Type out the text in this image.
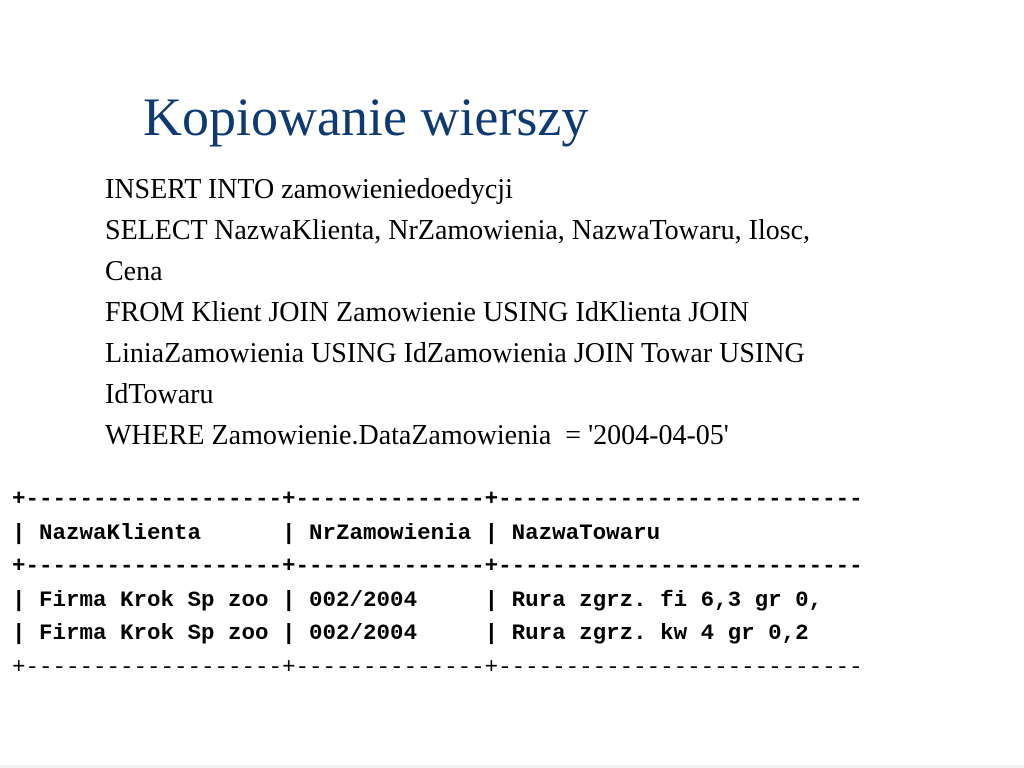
Kopiowanie wierszy
INSERT INTO zamowieniedoedycji
SELECT NazwaKlienta, NrZamowienia, NazwaTowaru, Ilosc,
Cena
FROM Klient JOIN Zamowienie USING IdKlienta JOIN
LiniaZamowienia USING IdZamowienia JOIN Towar USING
IdTowaru
WHERE Zamowienie.DataZamowienia  = '2004-04-05'
+-------------------+--------------+---------------------------
| NazwaKlienta      | NrZamowienia | NazwaTowaru
+-------------------+--------------+---------------------------
| Firma Krok Sp zoo | 002/2004     | Rura zgrz. fi 6,3 gr 0,
| Firma Krok Sp zoo | 002/2004     | Rura zgrz. kw 4 gr 0,2
+-------------------+--------------+---------------------------
